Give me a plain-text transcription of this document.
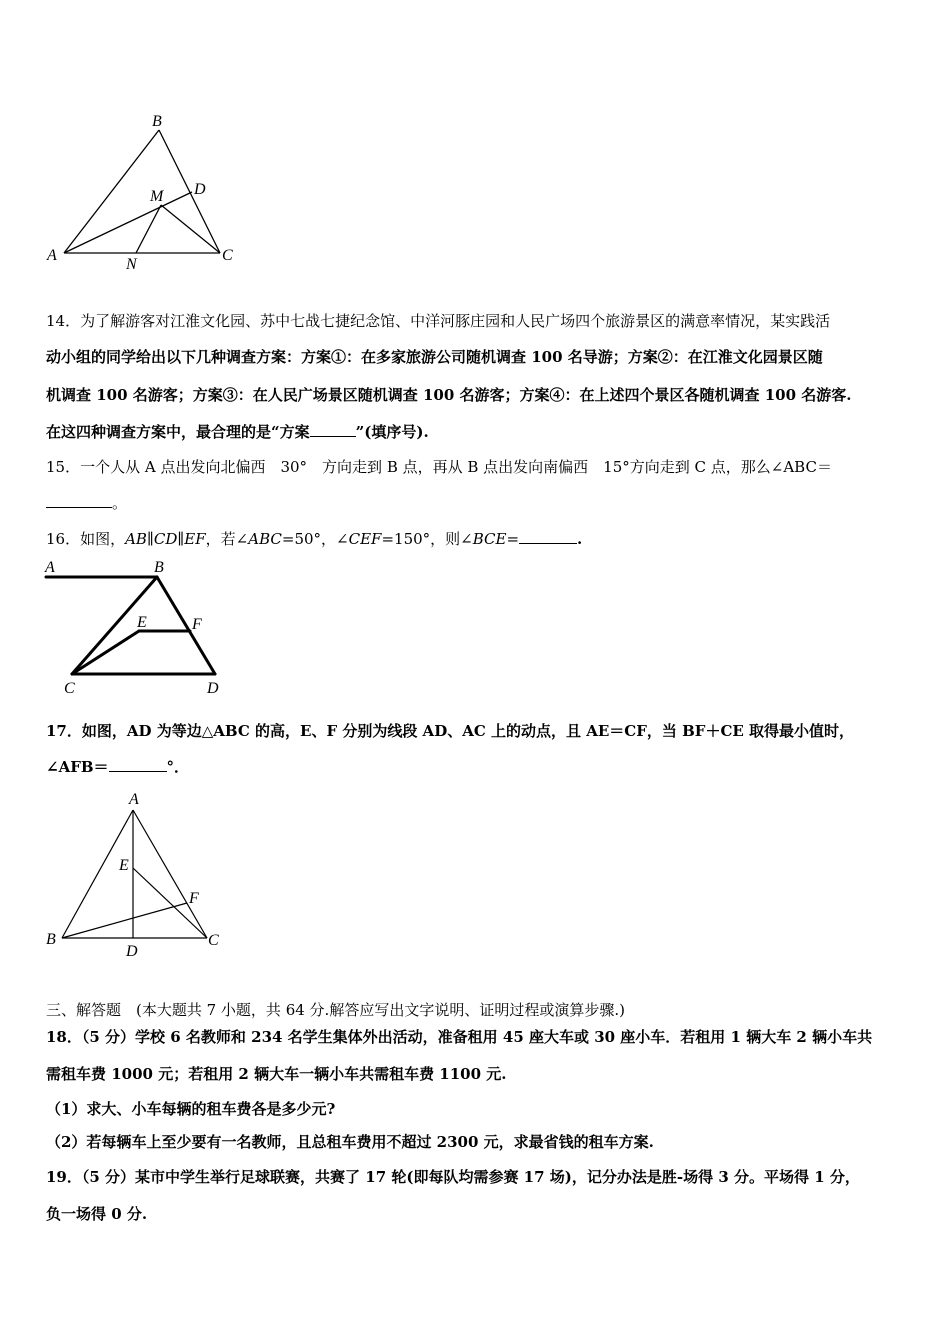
A
B
C
D
M
N
14．为了解游客对江淮文化园、苏中七战七捷纪念馆、中洋河豚庄园和人民广场四个旅游景区的满意率情况，某实践活
动小组的同学给出以下几种调查方案：方案①：在多家旅游公司随机调查 100 名导游；方案②：在江淮文化园景区随
机调查 100 名游客；方案③：在人民广场景区随机调查 100 名游客；方案④：在上述四个景区各随机调查 100 名游客.
在这四种调查方案中，最合理的是“方案	”(填序号).
15．一个人从 A 点出发向北偏西　30°　方向走到 B 点，再从 B 点出发向南偏西　15°方向走到 C 点，那么∠ABC＝
。
16．如图，AB∥CD∥EF，若∠ABC=50°，∠CEF=150°，则∠BCE=	.
A	B
C	D
E	F
17．如图，AD 为等边△ABC 的高，E、F 分别为线段 AD、AC 上的动点，且 AE＝CF，当 BF＋CE 取得最小值时，
∠AFB＝	°．
A
B	C
D
E
F
三、解答题　(本大题共 7 小题，共 64 分.解答应写出文字说明、证明过程或演算步骤.)
18．（5 分）学校 6 名教师和 234 名学生集体外出活动，准备租用 45 座大车或 30 座小车．若租用 1 辆大车 2 辆小车共
需租车费 1000 元；若租用 2 辆大车一辆小车共需租车费 1100 元.
（1）求大、小车每辆的租车费各是多少元?
（2）若每辆车上至少要有一名教师，且总租车费用不超过 2300 元，求最省钱的租车方案.
19．（5 分）某市中学生举行足球联赛，共赛了 17 轮(即每队均需参赛 17 场)，记分办法是胜-场得 3 分。平场得 1 分，
负一场得 0 分.
